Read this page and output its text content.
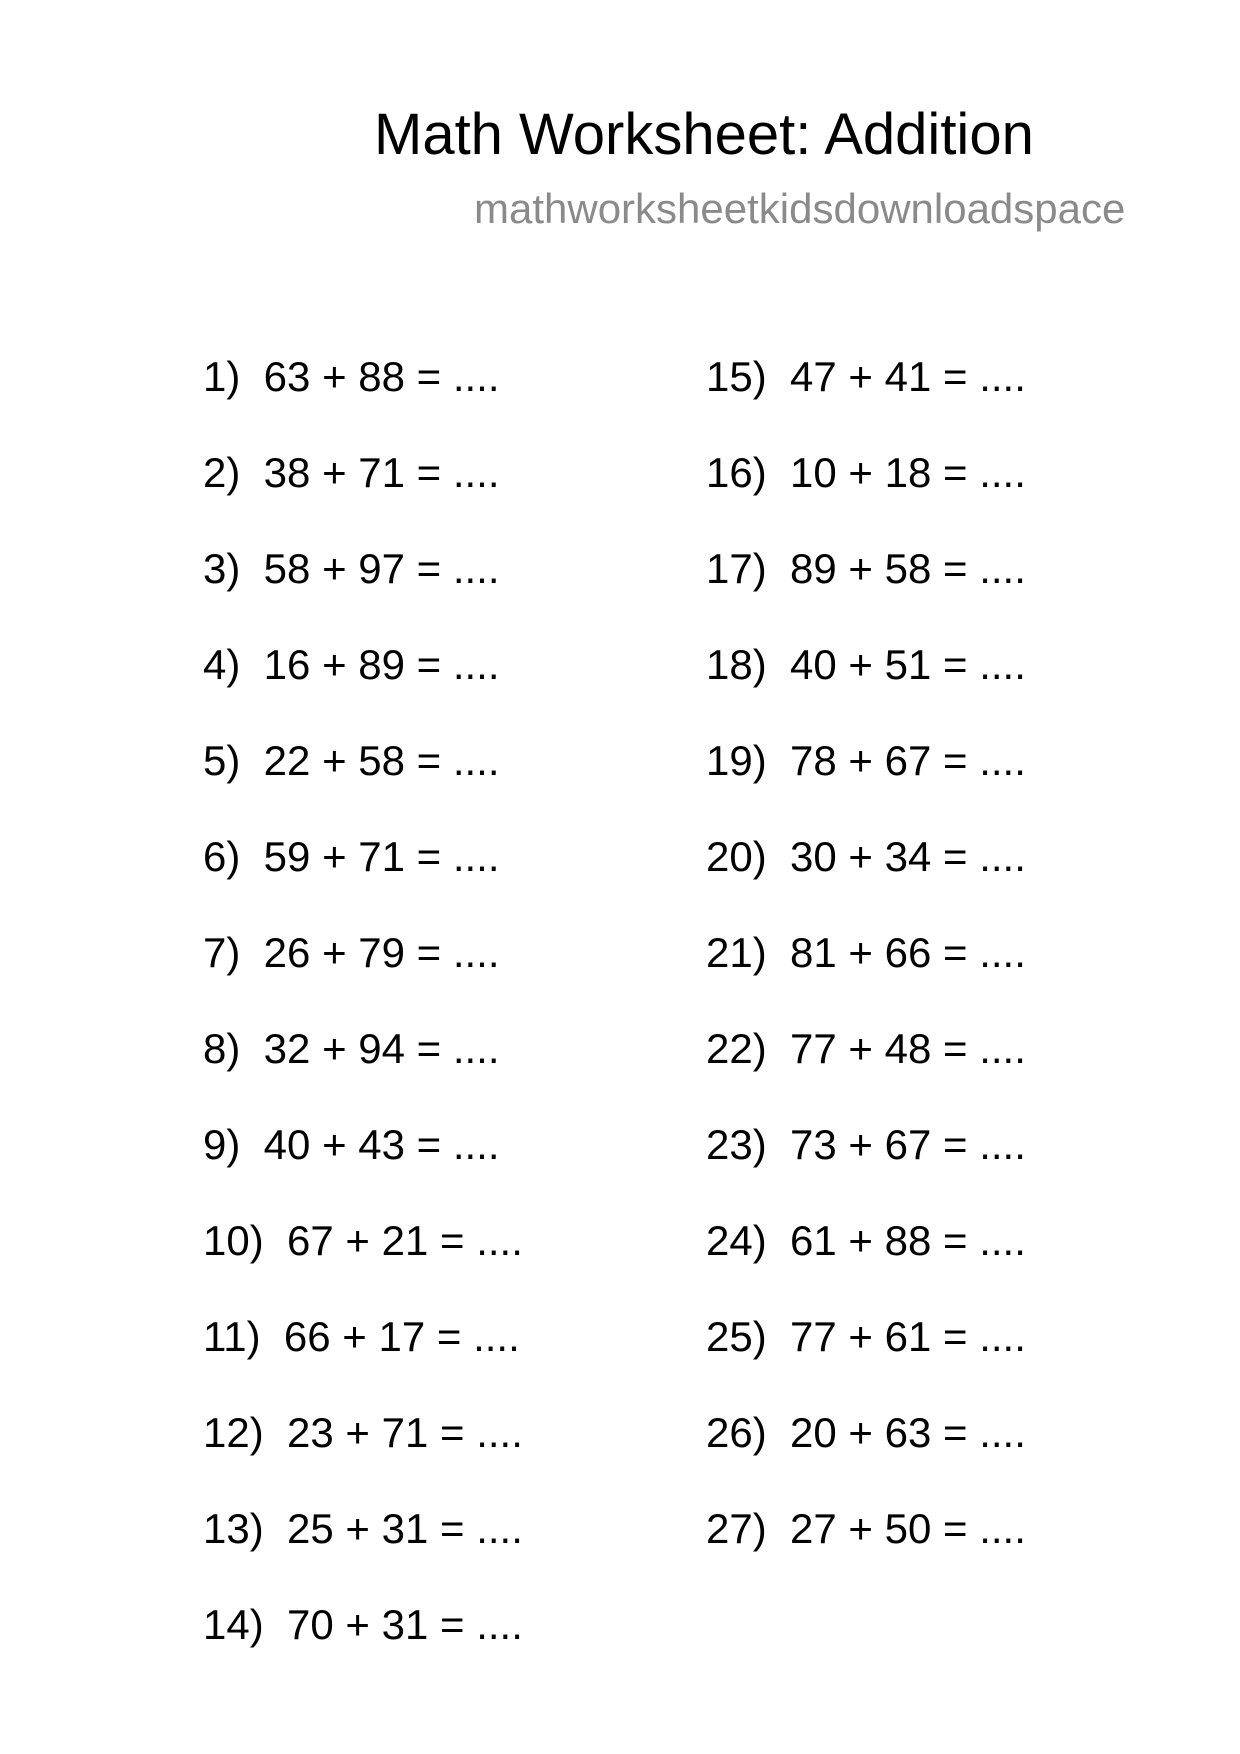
Math Worksheet: Addition
mathworksheetkidsdownloadspace
1)  63 + 88 = ....
2)  38 + 71 = ....
3)  58 + 97 = ....
4)  16 + 89 = ....
5)  22 + 58 = ....
6)  59 + 71 = ....
7)  26 + 79 = ....
8)  32 + 94 = ....
9)  40 + 43 = ....
10)  67 + 21 = ....
11)  66 + 17 = ....
12)  23 + 71 = ....
13)  25 + 31 = ....
14)  70 + 31 = ....
15)  47 + 41 = ....
16)  10 + 18 = ....
17)  89 + 58 = ....
18)  40 + 51 = ....
19)  78 + 67 = ....
20)  30 + 34 = ....
21)  81 + 66 = ....
22)  77 + 48 = ....
23)  73 + 67 = ....
24)  61 + 88 = ....
25)  77 + 61 = ....
26)  20 + 63 = ....
27)  27 + 50 = ....
